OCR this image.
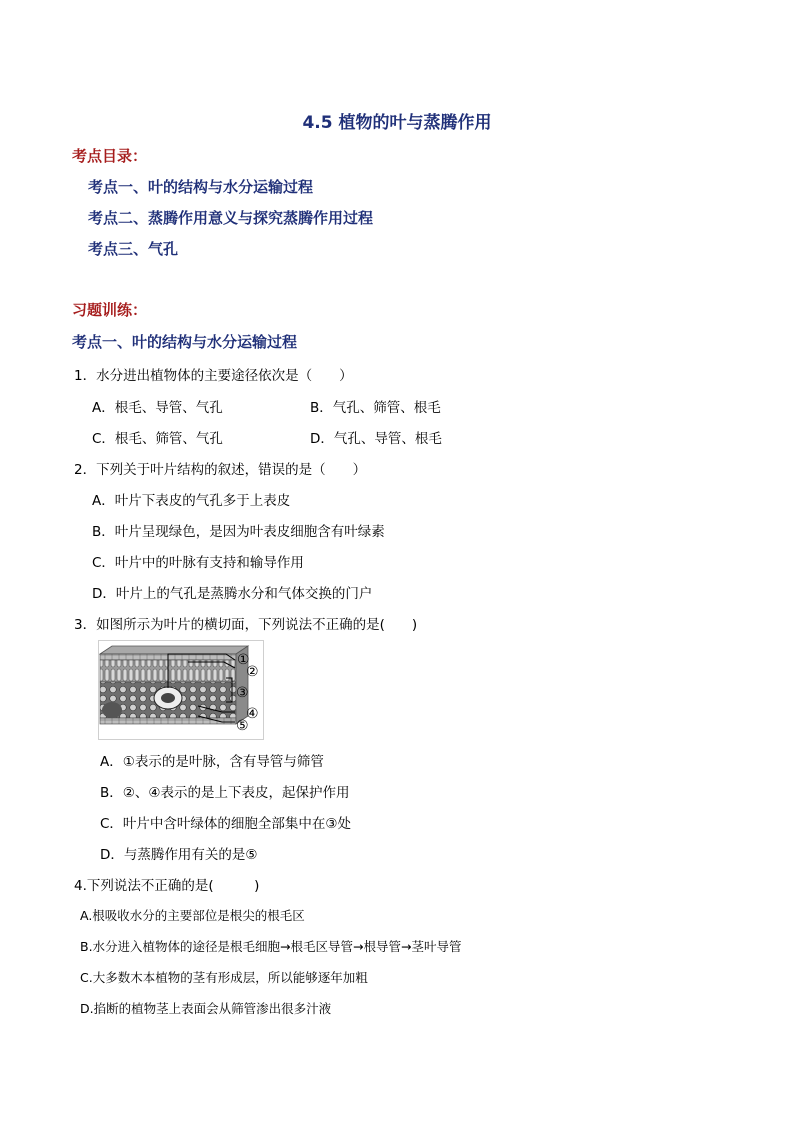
4.5 植物的叶与蒸腾作用
考点目录：
考点一、叶的结构与水分运输过程
考点二、蒸腾作用意义与探究蒸腾作用过程
考点三、气孔
习题训练：
考点一、叶的结构与水分运输过程
1．水分进出植物体的主要途径依次是（　　）
A．根毛、导管、气孔	B．气孔、筛管、根毛
C．根毛、筛管、气孔	D．气孔、导管、根毛
2．下列关于叶片结构的叙述，错误的是（　　）
A．叶片下表皮的气孔多于上表皮
B．叶片呈现绿色，是因为叶表皮细胞含有叶绿素
C．叶片中的叶脉有支持和输导作用
D．叶片上的气孔是蒸腾水分和气体交换的门户
3．如图所示为叶片的横切面，下列说法不正确的是(　　)
①
②
③
④
⑤
A．①表示的是叶脉，含有导管与筛管
B．②、④表示的是上下表皮，起保护作用
C．叶片中含叶绿体的细胞全部集中在③处
D．与蒸腾作用有关的是⑤
4.下列说法不正确的是(　　　)
A.根吸收水分的主要部位是根尖的根毛区
B.水分进入植物体的途径是根毛细胞→根毛区导管→根导管→茎叶导管
C.大多数木本植物的茎有形成层，所以能够逐年加粗
D.掐断的植物茎上表面会从筛管渗出很多汁液
